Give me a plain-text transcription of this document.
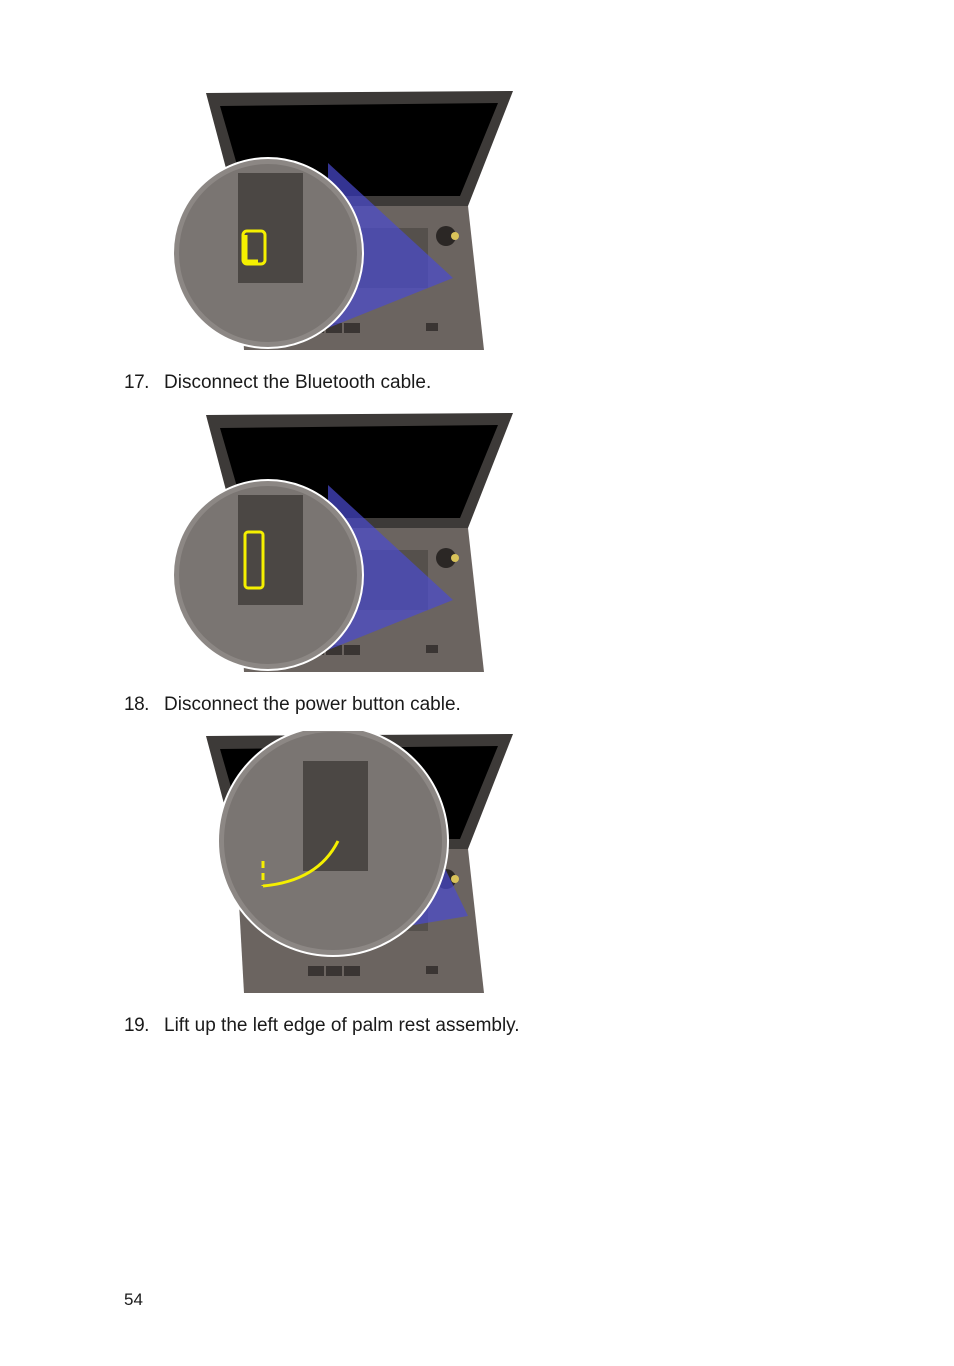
17. Disconnect the Bluetooth cable.
18. Disconnect the power button cable.
19. Lift up the left edge of palm rest assembly.
54
